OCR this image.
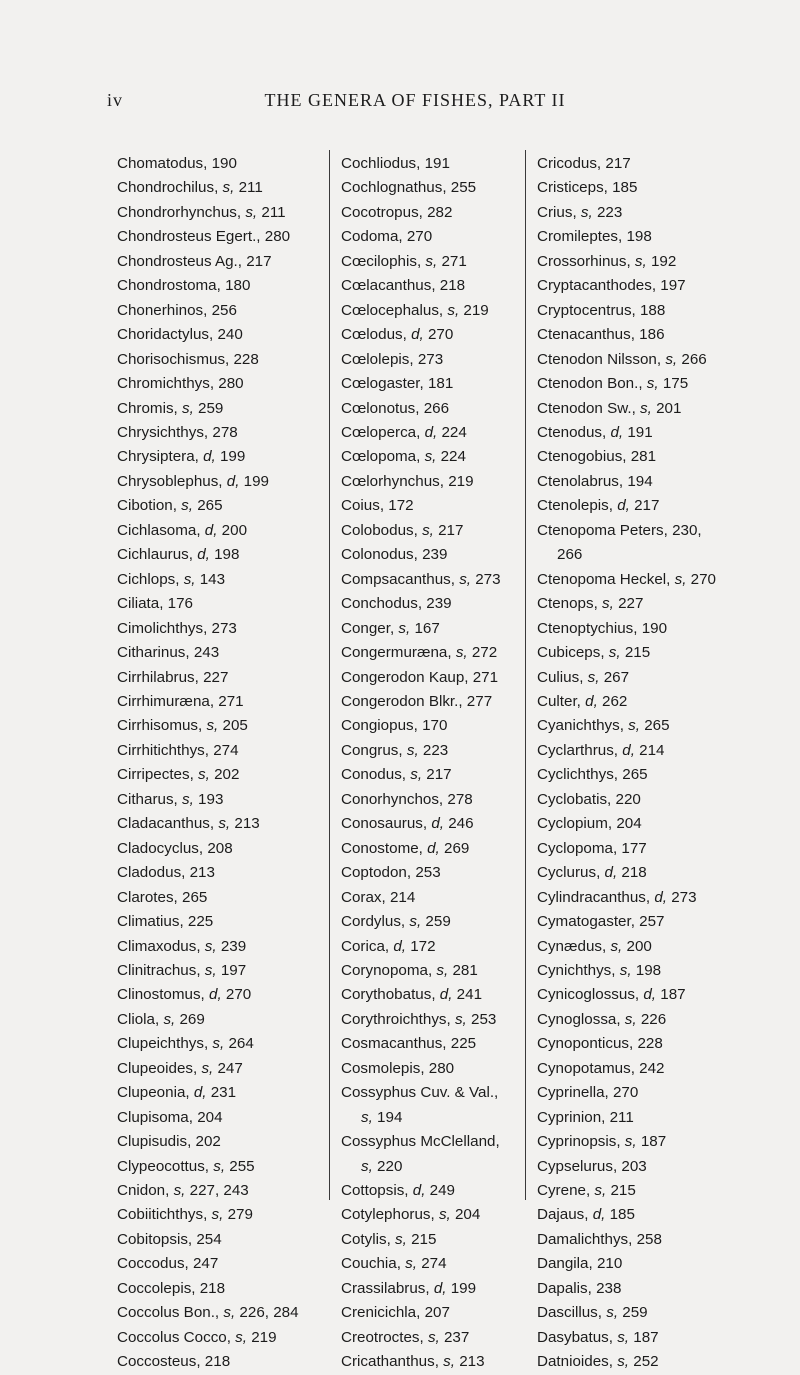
iv	THE GENERA OF FISHES, PART II
Chomatodus, 190
Chondrochilus, s, 211
Chondrorhynchus, s, 211
Chondrosteus Egert., 280
Chondrosteus Ag., 217
Chondrostoma, 180
Chonerhinos, 256
Choridactylus, 240
Chorisochismus, 228
Chromichthys, 280
Chromis, s, 259
Chrysichthys, 278
Chrysiptera, d, 199
Chrysoblephus, d, 199
Cibotion, s, 265
Cichlasoma, d, 200
Cichlaurus, d, 198
Cichlops, s, 143
Ciliata, 176
Cimolichthys, 273
Citharinus, 243
Cirrhilabrus, 227
Cirrhimuræna, 271
Cirrhisomus, s, 205
Cirrhitichthys, 274
Cirripectes, s, 202
Citharus, s, 193
Cladacanthus, s, 213
Cladocyclus, 208
Cladodus, 213
Clarotes, 265
Climatius, 225
Climaxodus, s, 239
Clinitrachus, s, 197
Clinostomus, d, 270
Cliola, s, 269
Clupeichthys, s, 264
Clupeoides, s, 247
Clupeonia, d, 231
Clupisoma, 204
Clupisudis, 202
Clypeocottus, s, 255
Cnidon, s, 227, 243
Cobiitichthys, s, 279
Cobitopsis, 254
Coccodus, 247
Coccolepis, 218
Coccolus Bon., s, 226, 284
Coccolus Cocco, s, 219
Coccosteus, 218
Cochliodus, 191
Cochlognathus, 255
Cocotropus, 282
Codoma, 270
Cœcilophis, s, 271
Cœlacanthus, 218
Cœlocephalus, s, 219
Cœlodus, d, 270
Cœlolepis, 273
Cœlogaster, 181
Cœlonotus, 266
Cœloperca, d, 224
Cœlopoma, s, 224
Cœlorhynchus, 219
Coius, 172
Colobodus, s, 217
Colonodus, 239
Compsacanthus, s, 273
Conchodus, 239
Conger, s, 167
Congermuræna, s, 272
Congerodon Kaup, 271
Congerodon Blkr., 277
Congiopus, 170
Congrus, s, 223
Conodus, s, 217
Conorhynchos, 278
Conosaurus, d, 246
Conostome, d, 269
Coptodon, 253
Corax, 214
Cordylus, s, 259
Corica, d, 172
Corynopoma, s, 281
Corythobatus, d, 241
Corythroichthys, s, 253
Cosmacanthus, 225
Cosmolepis, 280
Cossyphus Cuv. & Val.,
s, 194
Cossyphus McClelland,
s, 220
Cottopsis, d, 249
Cotylephorus, s, 204
Cotylis, s, 215
Couchia, s, 274
Crassilabrus, d, 199
Crenicichla, 207
Creotroctes, s, 237
Cricathanthus, s, 213
Cricodus, 217
Cristiceps, 185
Crius, s, 223
Cromileptes, 198
Crossorhinus, s, 192
Cryptacanthodes, 197
Cryptocentrus, 188
Ctenacanthus, 186
Ctenodon Nilsson, s, 266
Ctenodon Bon., s, 175
Ctenodon Sw., s, 201
Ctenodus, d, 191
Ctenogobius, 281
Ctenolabrus, 194
Ctenolepis, d, 217
Ctenopoma Peters, 230,
266
Ctenopoma Heckel, s, 270
Ctenops, s, 227
Ctenoptychius, 190
Cubiceps, s, 215
Culius, s, 267
Culter, d, 262
Cyanichthys, s, 265
Cyclarthrus, d, 214
Cyclichthys, 265
Cyclobatis, 220
Cyclopium, 204
Cyclopoma, 177
Cyclurus, d, 218
Cylindracanthus, d, 273
Cymatogaster, 257
Cynædus, s, 200
Cynichthys, s, 198
Cynicoglossus, d, 187
Cynoglossa, s, 226
Cynoponticus, 228
Cynopotamus, 242
Cyprinella, 270
Cyprinion, 211
Cyprinopsis, s, 187
Cypselurus, 203
Cyrene, s, 215
Dajaus, d, 185
Damalichthys, 258
Dangila, 210
Dapalis, 238
Dascillus, s, 259
Dasybatus, s, 187
Datnioides, s, 252
